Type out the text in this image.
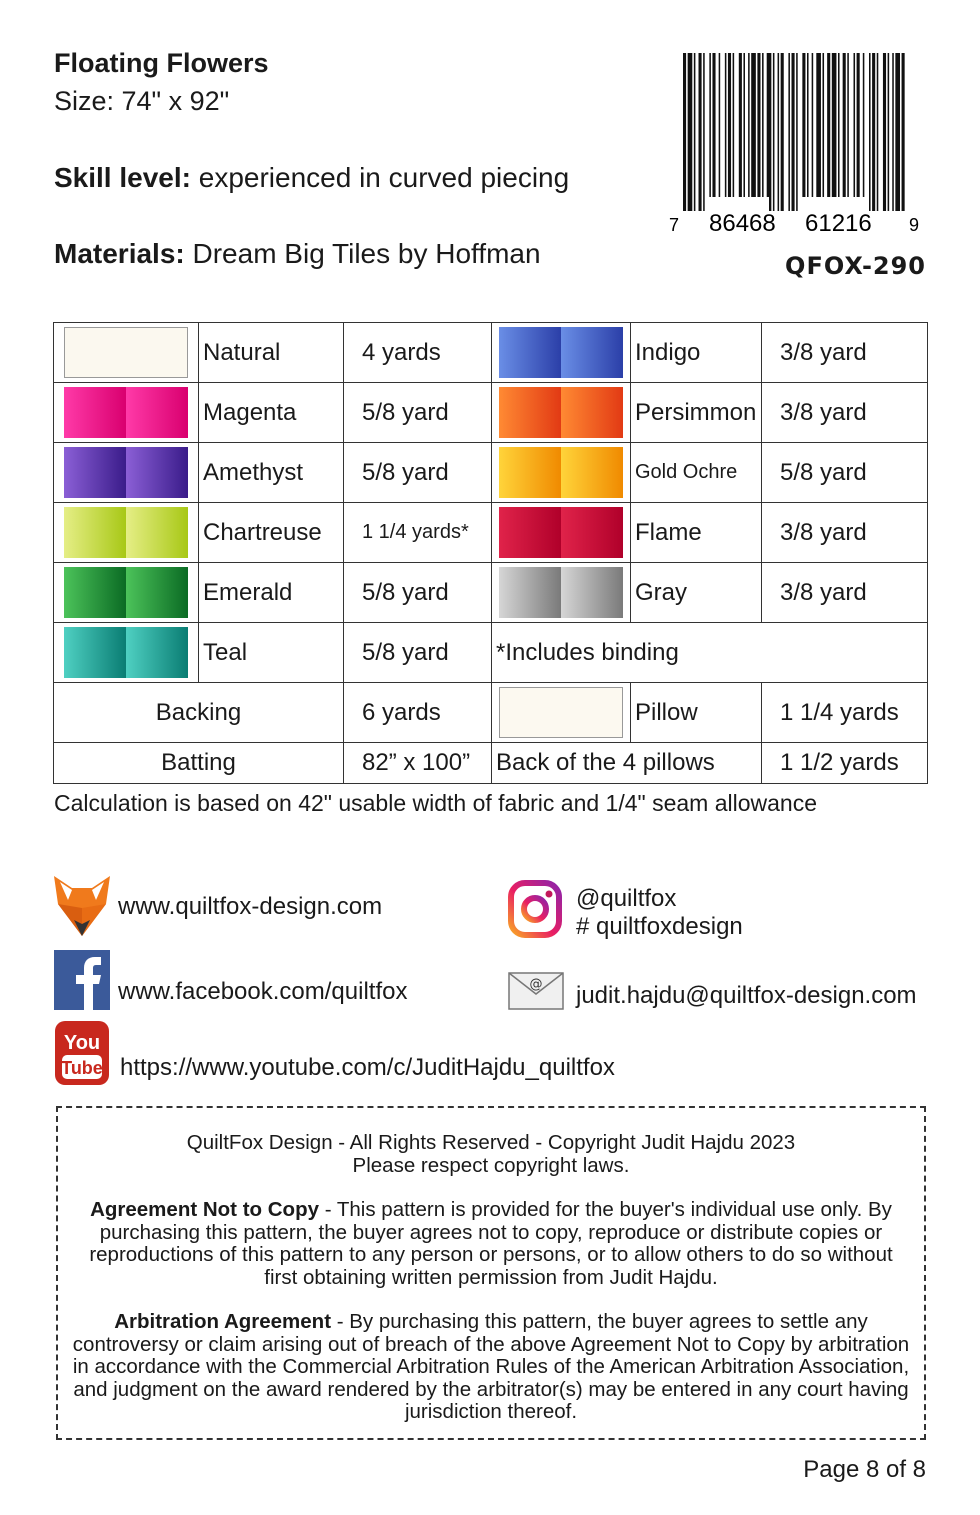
Floating Flowers
Size: 74" x 92"
Skill level: experienced in curved piecing
Materials: Dream Big Tiles by Hoffman
7 86468 61216 9
QFOX-290
	Natural	4 yards		Indigo	3/8 yard

	Magenta	5/8 yard		Persimmon	3/8 yard

	Amethyst	5/8 yard		Gold Ochre	5/8 yard

	Chartreuse	1 1/4 yards*		Flame	3/8 yard

	Emerald	5/8 yard		Gray	3/8 yard

	Teal	5/8 yard	*Includes binding		
Backing		6 yards		Pillow	1 1/4 yards
Batting		82” x 100”	Back of the 4 pillows		1 1/2 yards
Calculation is based on 42" usable width of fabric and 1/4" seam allowance
www.quiltfox-design.com
www.facebook.com/quiltfox
You
Tube https://www.youtube.com/c/JuditHajdu_quiltfox
@quiltfox
# quiltfoxdesign
@ judit.hajdu@quiltfox-design.com

QuiltFox Design - All Rights Reserved - Copyright Judit Hajdu 2023
Please respect copyright laws.

Agreement Not to Copy - This pattern is provided for the buyer's individual use only. By purchasing this pattern, the buyer agrees not to copy, reproduce or distribute copies or reproductions of this pattern to any person or persons, or to allow others to do so without first obtaining written permission from Judit Hajdu.

Arbitration Agreement - By purchasing this pattern, the buyer agrees to settle any controversy or claim arising out of breach of the above Agreement Not to Copy by arbitration in accordance with the Commercial Arbitration Rules of the American Arbitration Association, and judgment on the award rendered by the arbitrator(s) may be entered in any court having jurisdiction thereof.

Page 8 of 8
